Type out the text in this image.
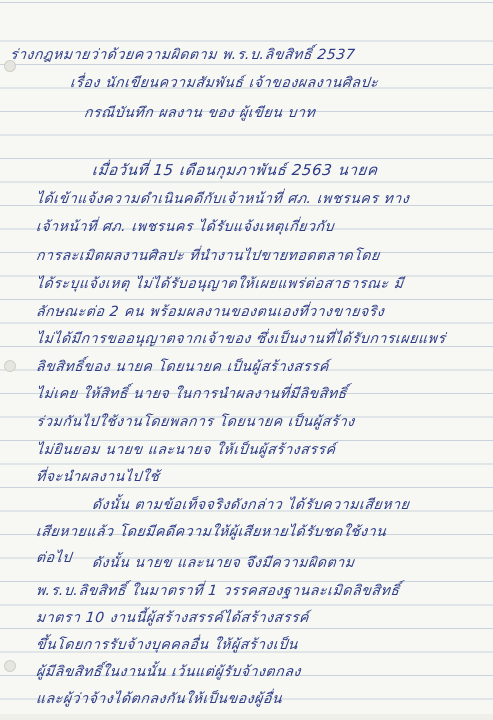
ร่างกฎหมายว่าด้วยความผิดตาม พ.ร.บ.ลิขสิทธิ์ 2537
เรื่อง นักเขียนความสัมพันธ์ เจ้าของผลงานศิลปะ
กรณีบันทึก ผลงาน ของ ผู้เขียน บาท
เมื่อวันที่ 15 เดือนกุมภาพันธ์ 2563 นายค
ได้เข้าแจ้งความดำเนินคดีกับเจ้าหน้าที่ ศภ. เพชรนคร ทาง
เจ้าหน้าที่ ศภ. เพชรนคร ได้รับแจ้งเหตุเกี่ยวกับ
การละเมิดผลงานศิลปะ ที่นำงานไปขายทอดตลาดโดย
ได้ระบุแจ้งเหตุ ไม่ได้รับอนุญาตให้เผยแพร่ต่อสาธารณะ มี
ลักษณะต่อ 2 คน พร้อมผลงานของตนเองที่วางขายจริง
ไม่ได้มีการขออนุญาตจากเจ้าของ ซึ่งเป็นงานที่ได้รับการเผยแพร่
ลิขสิทธิ์ของ นายค โดยนายค เป็นผู้สร้างสรรค์
ไม่เคย ให้สิทธิ์ นายจ ในการนำผลงานที่มีลิขสิทธิ์
ร่วมกันไปใช้งานโดยพลการ โดยนายค เป็นผู้สร้าง
ไม่ยินยอม นายข และนายจ ให้เป็นผู้สร้างสรรค์
ที่จะนำผลงานไปใช้
ดังนั้น ตามข้อเท็จจริงดังกล่าว ได้รับความเสียหาย
เสียหายแล้ว โดยมีคดีความให้ผู้เสียหายได้รับชดใช้งาน
ต่อไป	ดังนั้น นายข และนายจ จึงมีความผิดตาม
พ.ร.บ.ลิขสิทธิ์ ในมาตราที่ 1 วรรคสองฐานละเมิดลิขสิทธิ์
มาตรา 10 งานนี้ผู้สร้างสรรค์ได้สร้างสรรค์
ขึ้นโดยการรับจ้างบุคคลอื่น ให้ผู้สร้างเป็น
ผู้มีลิขสิทธิ์ในงานนั้น เว้นแต่ผู้รับจ้างตกลง
และผู้ว่าจ้างได้ตกลงกันให้เป็นของผู้อื่น
